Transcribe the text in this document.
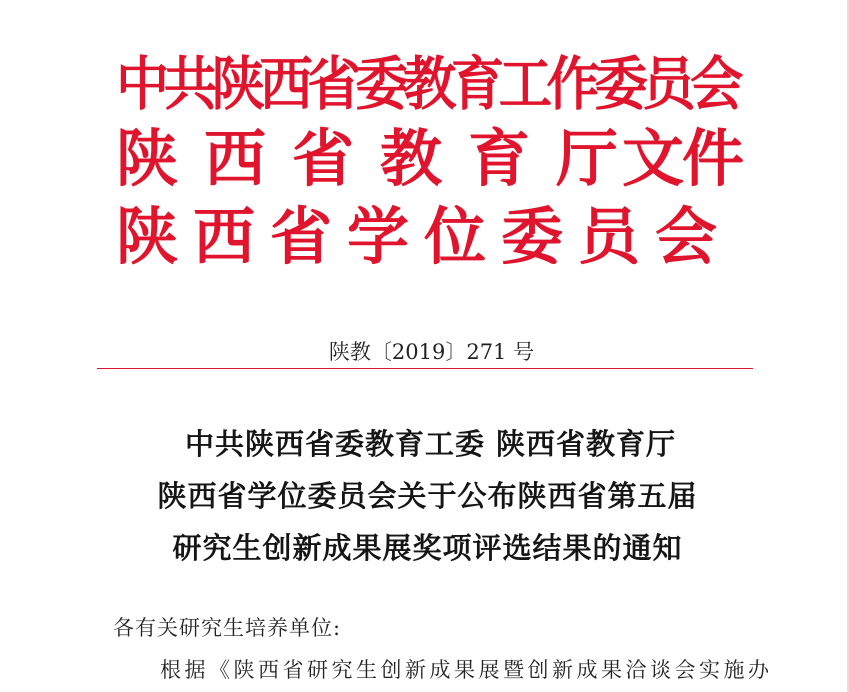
中共陕西省委教育工作委员会
陕西省教育厅文件
陕西省学位委员会
陕教〔2019〕271 号
中共陕西省委教育工委 陕西省教育厅
陕西省学位委员会关于公布陕西省第五届
研究生创新成果展奖项评选结果的通知
各有关研究生培养单位:
根据《陕西省研究生创新成果展暨创新成果洽谈会实施办
